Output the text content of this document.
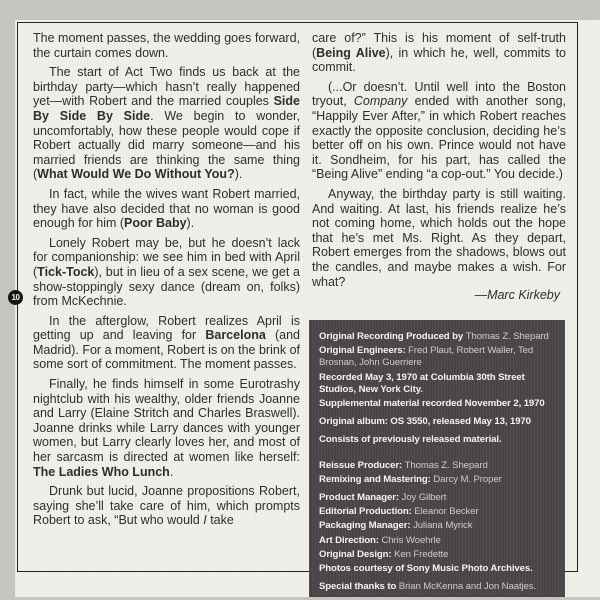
10

The moment passes, the wedding goes forward, the curtain comes down.

The start of Act Two finds us back at the birthday party—which hasn’t really happened yet—with Robert and the married couples Side By Side By Side. We begin to wonder, uncomfortably, how these people would cope if Robert actually did marry someone—and his married friends are thinking the same thing (What Would We Do Without You?).

In fact, while the wives want Robert married, they have also decided that no woman is good enough for him (Poor Baby).

Lonely Robert may be, but he doesn’t lack for companionship: we see him in bed with April (Tick-Tock), but in lieu of a sex scene, we get a show-stoppingly sexy dance (dream on, folks) from McKechnie.

In the afterglow, Robert realizes April is getting up and leaving for Barcelona (and Madrid). For a moment, Robert is on the brink of some sort of commitment. The moment passes.

Finally, he finds himself in some Eurotrashy nightclub with his wealthy, older friends Joanne and Larry (Elaine Stritch and Charles Braswell). Joanne drinks while Larry dances with younger women, but Larry clearly loves her, and most of her sarcasm is directed at women like herself: The Ladies Who Lunch.

Drunk but lucid, Joanne propositions Robert, saying she’ll take care of him, which prompts Robert to ask, “But who would I take

care of?” This is his moment of self-truth (Being Alive), in which he, well, commits to commit.

(...Or doesn’t. Until well into the Boston tryout, Company ended with another song, “Happily Ever After,” in which Robert reaches exactly the opposite conclusion, deciding he’s better off on his own. Prince would not have it. Sondheim, for his part, has called the “Being Alive” ending “a cop-out.” You decide.)

Anyway, the birthday party is still waiting. And waiting. At last, his friends realize he’s not coming home, which holds out the hope that he’s met Ms. Right. As they depart, Robert emerges from the shadows, blows out the candles, and maybe makes a wish. For what?

—Marc Kirkeby

Original Recording Produced by Thomas Z. Shepard

Original Engineers: Fred Plaut, Robert Waller, Ted Brosnan, John Guerriere

Recorded May 3, 1970 at Columbia 30th Street Studios, New York City.

Supplemental material recorded November 2, 1970

Original album: OS 3550, released May 13, 1970

Consists of previously released material.

Reissue Producer: Thomas Z. Shepard

Remixing and Mastering: Darcy M. Proper

Product Manager: Joy Gilbert

Editorial Production: Eleanor Becker

Packaging Manager: Juliana Myrick

Art Direction: Chris Woehrle

Original Design: Ken Fredette

Photos courtesy of Sony Music Photo Archives.

Special thanks to Brian McKenna and Jon Naatjes.
